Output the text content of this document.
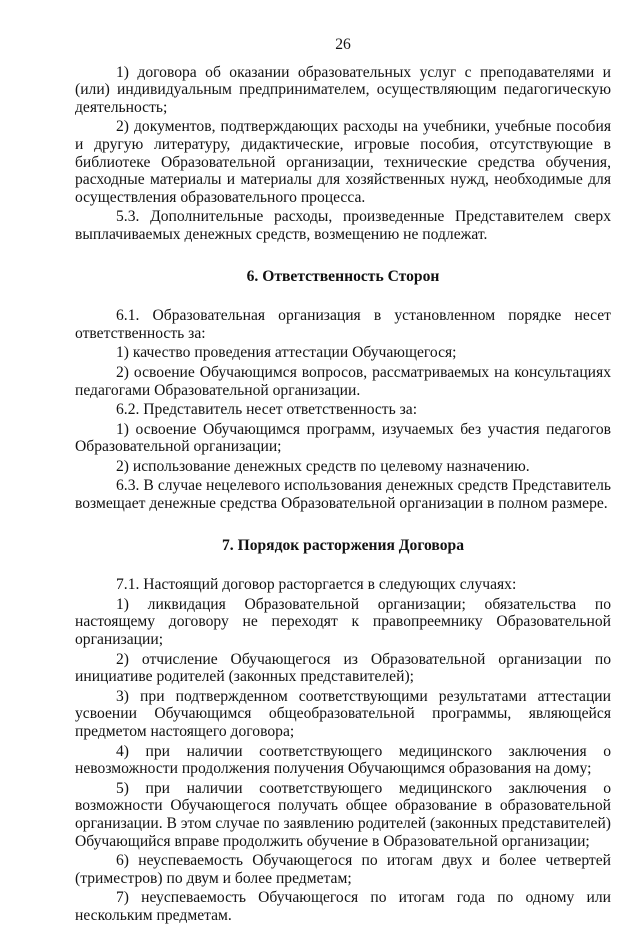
26

1) договора об оказании образовательных услуг с преподавателями и (или) индивидуальным предпринимателем, осуществляющим педагогическую деятельность;

2) документов, подтверждающих расходы на учебники, учебные пособия и другую литературу, дидактические, игровые пособия, отсутствующие в библиотеке Образовательной организации, технические средства обучения, расходные материалы и материалы для хозяйственных нужд, необходимые для осуществления образовательного процесса.

5.3. Дополнительные расходы, произведенные Представителем сверх выплачиваемых денежных средств, возмещению не подлежат.

6. Ответственность Сторон

6.1. Образовательная организация в установленном порядке несет ответственность за:

1) качество проведения аттестации Обучающегося;

2) освоение Обучающимся вопросов, рассматриваемых на консультациях педагогами Образовательной организации.

6.2. Представитель несет ответственность за:

1) освоение Обучающимся программ, изучаемых без участия педагогов Образовательной организации;

2) использование денежных средств по целевому назначению.

6.3. В случае нецелевого использования денежных средств Представитель возмещает денежные средства Образовательной организации в полном размере.

7. Порядок расторжения Договора

7.1. Настоящий договор расторгается в следующих случаях:

1) ликвидация Образовательной организации; обязательства по настоящему договору не переходят к правопреемнику Образовательной организации;

2) отчисление Обучающегося из Образовательной организации по инициативе родителей (законных представителей);

3) при подтвержденном соответствующими результатами аттестации усвоении Обучающимся общеобразовательной программы, являющейся предметом настоящего договора;

4) при наличии соответствующего медицинского заключения о невозможности продолжения получения Обучающимся образования на дому;

5) при наличии соответствующего медицинского заключения о возможности Обучающегося получать общее образование в образовательной организации. В этом случае по заявлению родителей (законных представителей) Обучающийся вправе продолжить обучение в Образовательной организации;

6) неуспеваемость Обучающегося по итогам двух и более четвертей (триместров) по двум и более предметам;

7) неуспеваемость Обучающегося по итогам года по одному или нескольким предметам.
